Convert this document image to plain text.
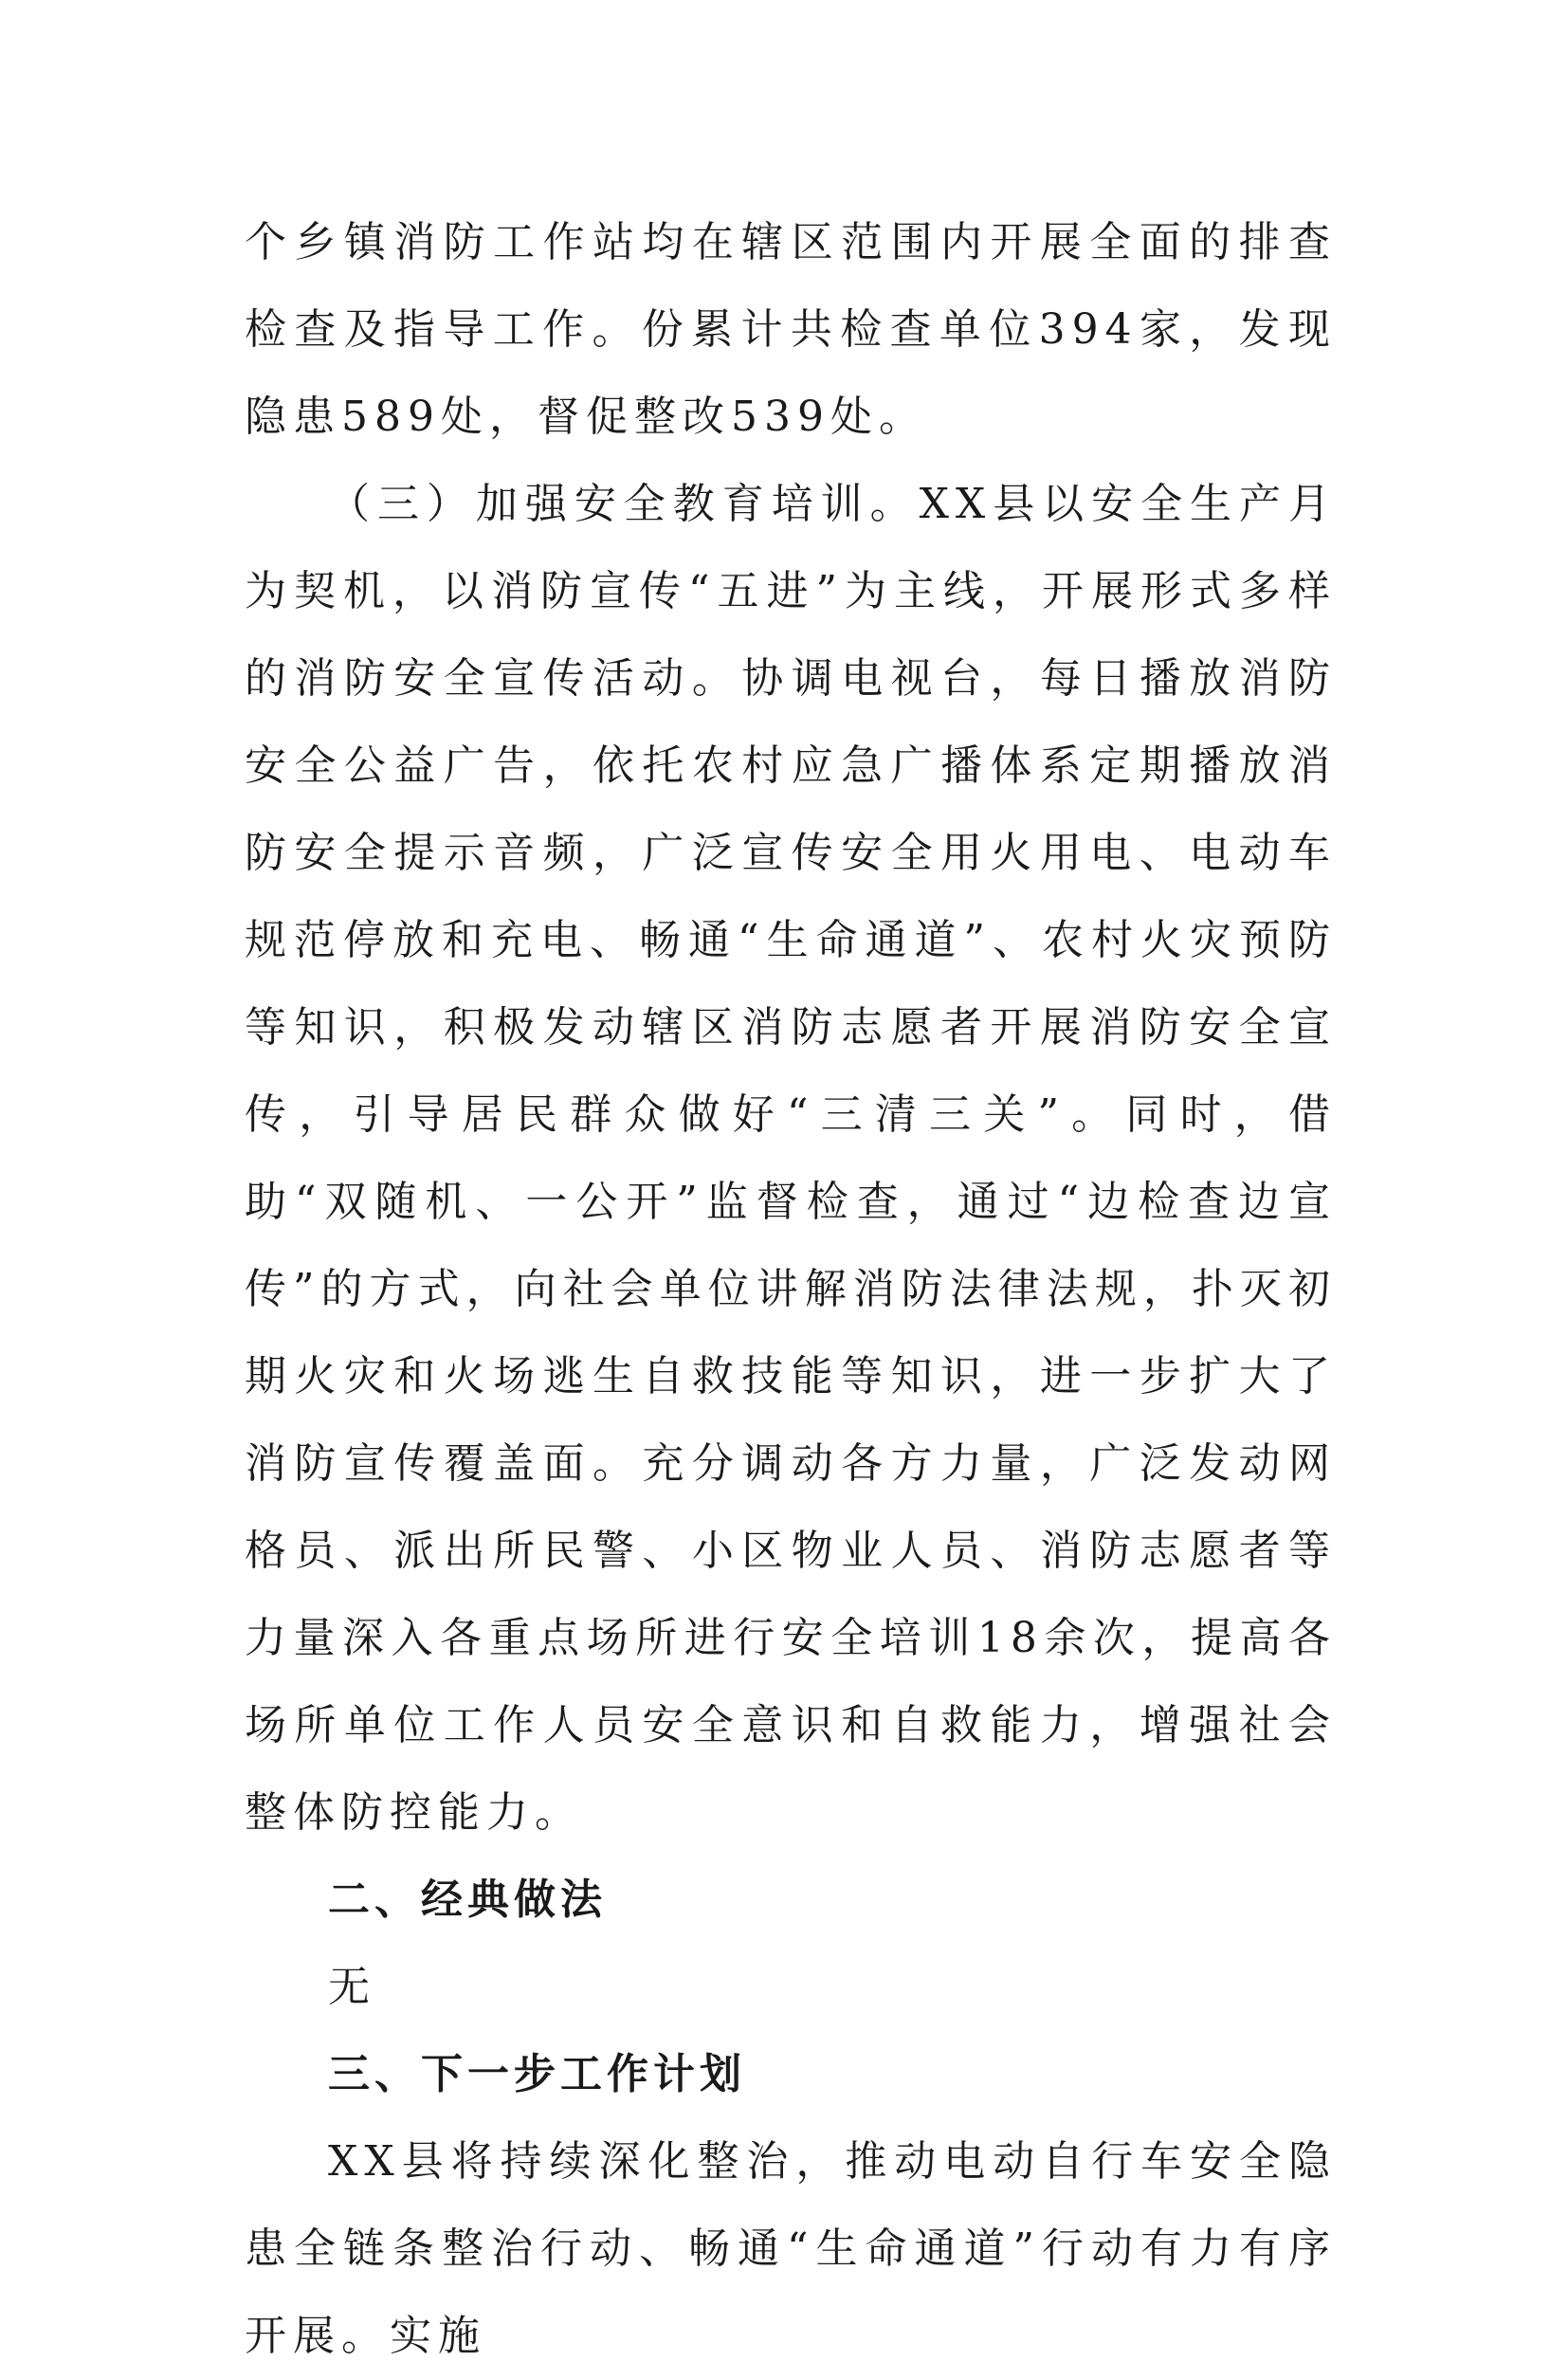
个乡镇消防工作站均在辖区范围内开展全面的排查检查及指导工作。份累计共检查单位394家，发现隐患589处，督促整改539处。

（三）加强安全教育培训。XX县以安全生产月为契机，以消防宣传“五进”为主线，开展形式多样的消防安全宣传活动。协调电视台，每日播放消防安全公益广告，依托农村应急广播体系定期播放消防安全提示音频，广泛宣传安全用火用电、电动车规范停放和充电、畅通“生命通道”、农村火灾预防等知识，积极发动辖区消防志愿者开展消防安全宣传，引导居民群众做好“三清三关”。同时，借助“双随机、一公开”监督检查，通过“边检查边宣传”的方式，向社会单位讲解消防法律法规，扑灭初期火灾和火场逃生自救技能等知识，进一步扩大了消防宣传覆盖面。充分调动各方力量，广泛发动网格员、派出所民警、小区物业人员、消防志愿者等力量深入各重点场所进行安全培训18余次，提高各场所单位工作人员安全意识和自救能力，增强社会整体防控能力。

二、经典做法

无

三、下一步工作计划

XX县将持续深化整治，推动电动自行车安全隐患全链条整治行动、畅通“生命通道”行动有力有序开展。实施
